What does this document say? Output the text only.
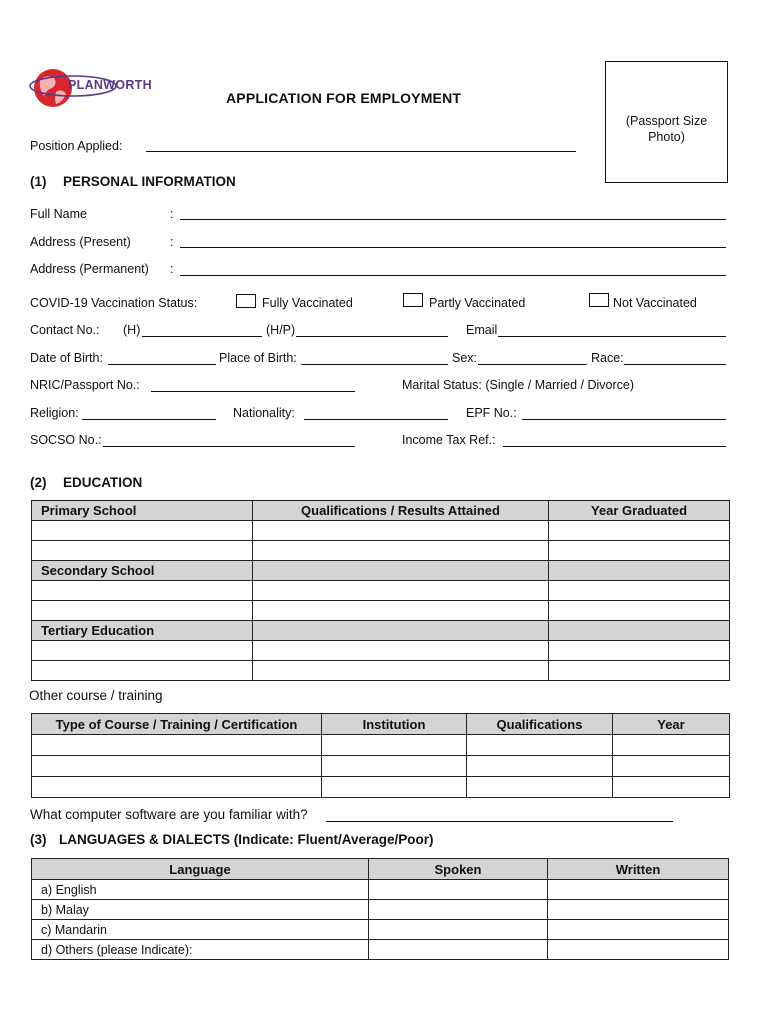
PLANWORTH
APPLICATION FOR EMPLOYMENT
(Passport Size
Photo)
Position Applied:
(1) PERSONAL INFORMATION
Full Name	:
Address (Present)	:
Address (Permanent) :
COVID-19 Vaccination Status:	Fully Vaccinated	Partly Vaccinated	Not Vaccinated
Contact No.: (H)	(H/P)	Email
Date of Birth:	Place of Birth:	Sex:	Race:
NRIC/Passport No.:	Marital Status: (Single / Married / Divorce)
Religion:	Nationality:	EPF No.:
SOCSO No.:	Income Tax Ref.:
(2) EDUCATION
Primary School	Qualifications / Results Attained	Year Graduated

Secondary School		

Tertiary Education		

Other course / training
Type of Course / Training / Certification	Institution	Qualifications	Year

What computer software are you familiar with?
(3) LANGUAGES & DIALECTS (Indicate: Fluent/Average/Poor)
Language	Spoken	Written
a) English		
b) Malay		
c) Mandarin		
d) Others (please Indicate):		
